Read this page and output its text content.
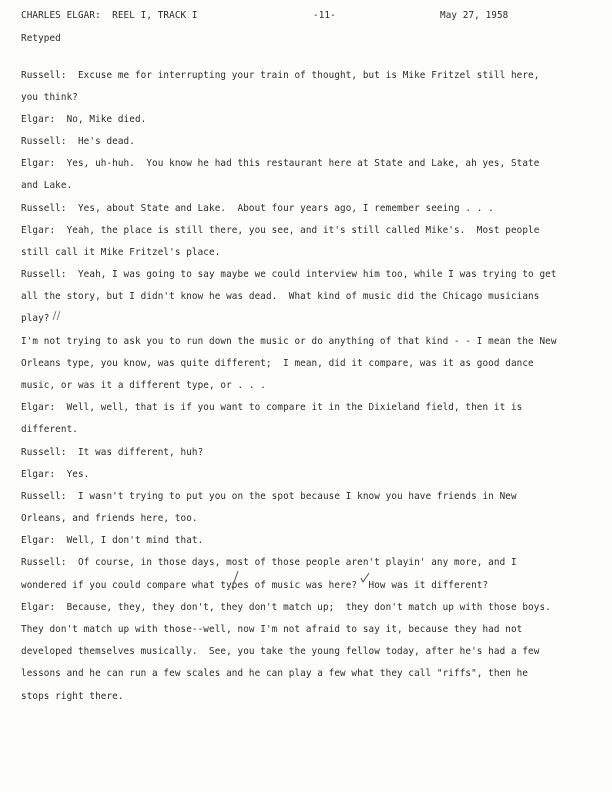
CHARLES ELGAR:  REEL I, TRACK I	-11-	May 27, 1958
Retyped
Russell:  Excuse me for interrupting your train of thought, but is Mike Fritzel still here,
you think?
Elgar:  No, Mike died.
Russell:  He's dead.
Elgar:  Yes, uh-huh.  You know he had this restaurant here at State and Lake, ah yes, State
and Lake.
Russell:  Yes, about State and Lake.  About four years ago, I remember seeing . . .
Elgar:  Yeah, the place is still there, you see, and it's still called Mike's.  Most people
still call it Mike Fritzel's place.
Russell:  Yeah, I was going to say maybe we could interview him too, while I was trying to get
all the story, but I didn't know he was dead.  What kind of music did the Chicago musicians
play?
I'm not trying to ask you to run down the music or do anything of that kind - - I mean the New
Orleans type, you know, was quite different;  I mean, did it compare, was it as good dance
music, or was it a different type, or . . .
Elgar:  Well, well, that is if you want to compare it in the Dixieland field, then it is
different.
Russell:  It was different, huh?
Elgar:  Yes.
Russell:  I wasn't trying to put you on the spot because I know you have friends in New
Orleans, and friends here, too.
Elgar:  Well, I don't mind that.
Russell:  Of course, in those days, most of those people aren't playin' any more, and I
wondered if you could compare what types of music was here?  How was it different?
Elgar:  Because, they, they don't, they don't match up;  they don't match up with those boys.
They don't match up with those--well, now I'm not afraid to say it, because they had not
developed themselves musically.  See, you take the young fellow today, after he's had a few
lessons and he can run a few scales and he can play a few what they call "riffs", then he
stops right there.
